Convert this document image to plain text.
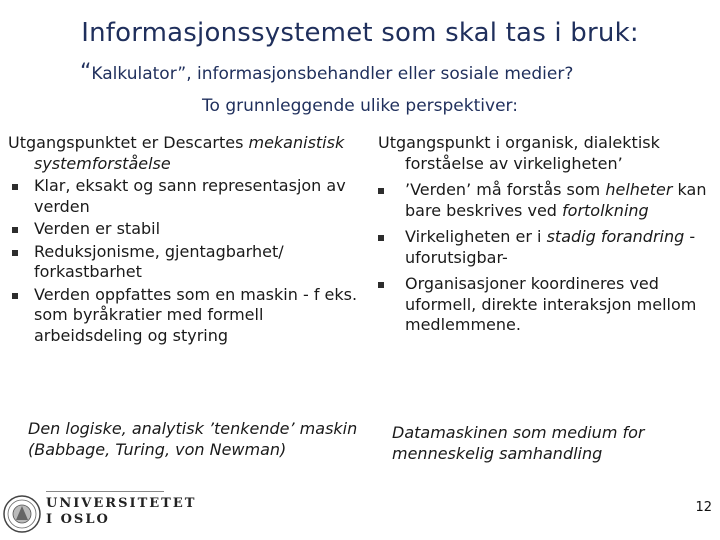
Informasjonssystemet som skal tas i bruk:
“Kalkulator”, informasjonsbehandler eller sosiale medier?
To grunnleggende ulike perspektiver:
Utgangspunktet er Descartes mekanistisk
systemforståelse
Klar, eksakt og sann representasjon av verden
Verden er stabil
Reduksjonisme, gjentagbarhet/ forkastbarhet
Verden oppfattes som en maskin - f eks. som byråkratier med formell arbeidsdeling og styring
Utgangspunkt i organisk, dialektisk
forståelse av virkeligheten’
’Verden’ må forstås som helheter kan bare beskrives ved fortolkning
Virkeligheten er i stadig forandring - uforutsigbar-
Organisasjoner koordineres ved uformell, direkte interaksjon mellom medlemmene.
Den logiske, analytisk ’tenkende’ maskin (Babbage, Turing, von Newman)
Datamaskinen som medium for menneskelig samhandling
UNIVERSITETET
I OSLO
12
